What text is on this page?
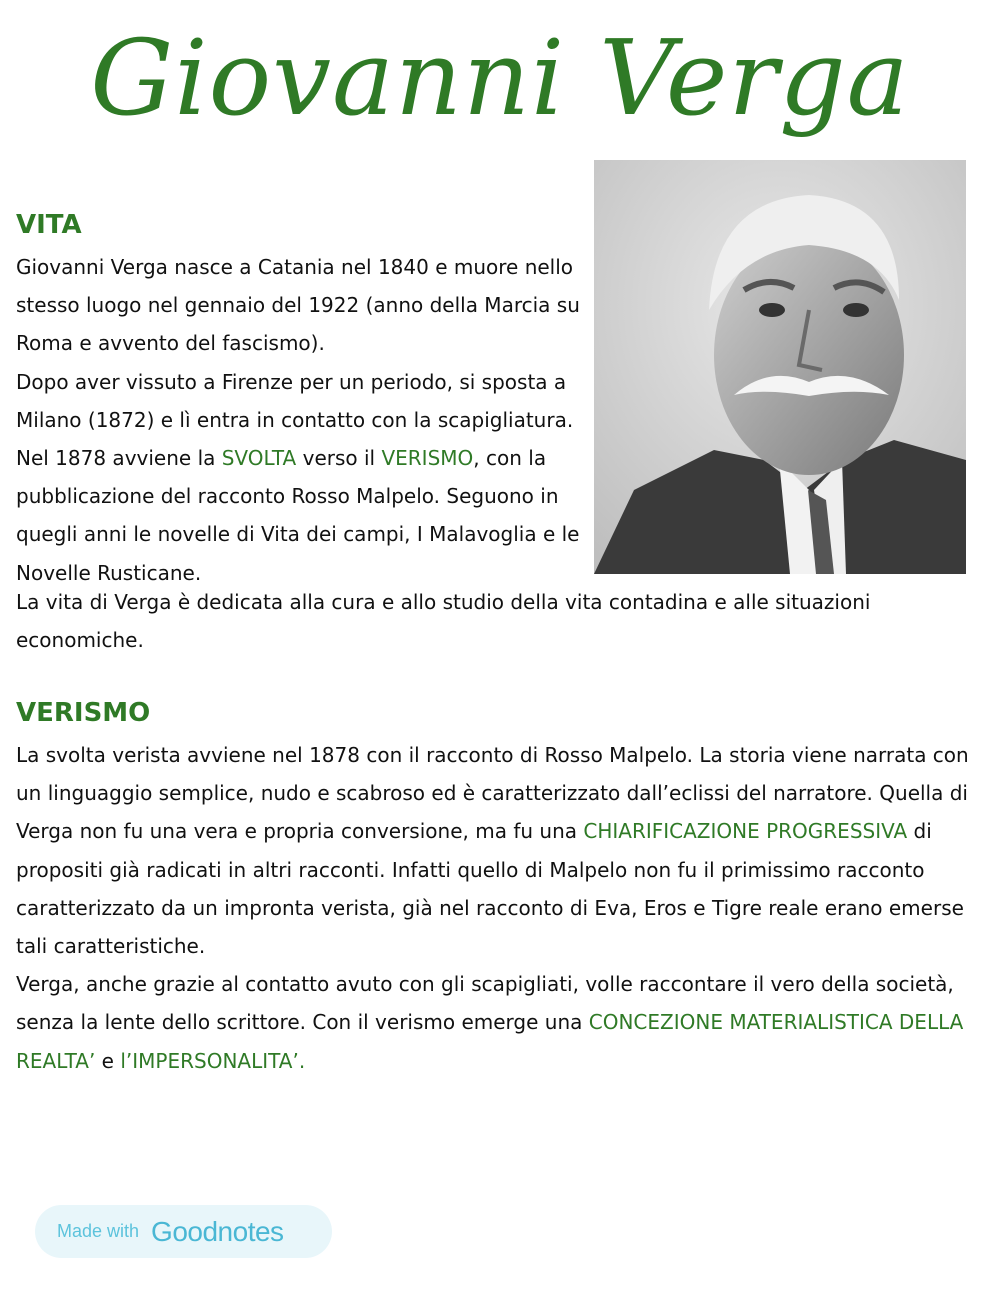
Giovanni Verga
VITA

Giovanni Verga nasce a Catania nel 1840 e muore nello stesso luogo nel gennaio del 1922 (anno della Marcia su Roma e avvento del fascismo).
Dopo aver vissuto a Firenze per un periodo, si sposta a Milano (1872) e lì entra in contatto con la scapigliatura. Nel 1878 avviene la SVOLTA verso il VERISMO, con la pubblicazione del racconto Rosso Malpelo. Seguono in quegli anni le novelle di Vita dei campi, I Malavoglia e le Novelle Rusticane.

La vita di Verga è dedicata alla cura e allo studio della vita contadina e alle situazioni economiche.

VERISMO

La svolta verista avviene nel 1878 con il racconto di Rosso Malpelo. La storia viene narrata con un linguaggio semplice, nudo e scabroso ed è caratterizzato dall’eclissi del narratore. Quella di Verga non fu una vera e propria conversione, ma fu una CHIARIFICAZIONE PROGRESSIVA di propositi già radicati in altri racconti. Infatti quello di Malpelo non fu il primissimo racconto caratterizzato da un impronta verista, già nel racconto di Eva, Eros e Tigre reale erano emerse tali caratteristiche.
Verga, anche grazie al contatto avuto con gli scapigliati, volle raccontare il vero della società, senza la lente dello scrittore. Con il verismo emerge una CONCEZIONE MATERIALISTICA DELLA REALTA’ e l’IMPERSONALITA’.

Made with Goodnotes
